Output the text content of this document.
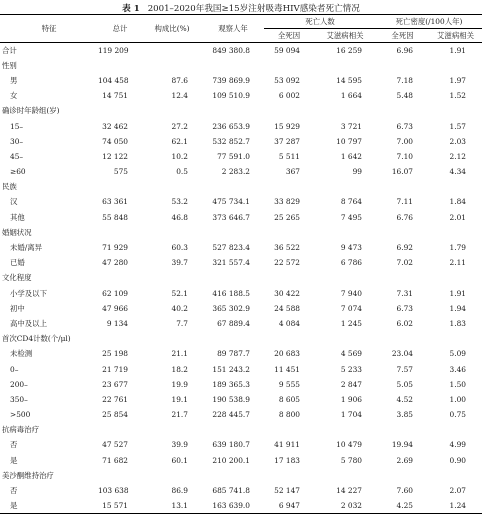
表 1 2001–2020年我国≥15岁注射吸毒HIV感染者死亡情况
特征	总计	构成比(%)	观察人年	死亡人数		死亡密度(/100人年)	
				全死因	艾滋病相关	全死因	艾滋病相关
合计	119 209		849 380.8	59 094	16 259	6.96	1.91
性别							
男	104 458	87.6	739 869.9	53 092	14 595	7.18	1.97
女	14 751	12.4	109 510.9	6 002	1 664	5.48	1.52
确诊时年龄组(岁)							
15–	32 462	27.2	236 653.9	15 929	3 721	6.73	1.57
30–	74 050	62.1	532 852.7	37 287	10 797	7.00	2.03
45–	12 122	10.2	77 591.0	5 511	1 642	7.10	2.12
≥60	575	0.5	2 283.2	367	99	16.07	4.34
民族							
汉	63 361	53.2	475 734.1	33 829	8 764	7.11	1.84
其他	55 848	46.8	373 646.7	25 265	7 495	6.76	2.01
婚姻状况							
未婚/离异	71 929	60.3	527 823.4	36 522	9 473	6.92	1.79
已婚	47 280	39.7	321 557.4	22 572	6 786	7.02	2.11
文化程度							
小学及以下	62 109	52.1	416 188.5	30 422	7 940	7.31	1.91
初中	47 966	40.2	365 302.9	24 588	7 074	6.73	1.94
高中及以上	9 134	7.7	67 889.4	4 084	1 245	6.02	1.83
首次CD4计数(个/μl)							
未检测	25 198	21.1	89 787.7	20 683	4 569	23.04	5.09
0–	21 719	18.2	151 243.2	11 451	5 233	7.57	3.46
200–	23 677	19.9	189 365.3	9 555	2 847	5.05	1.50
350–	22 761	19.1	190 538.9	8 605	1 906	4.52	1.00
>500	25 854	21.7	228 445.7	8 800	1 704	3.85	0.75
抗病毒治疗							
否	47 527	39.9	639 180.7	41 911	10 479	19.94	4.99
是	71 682	60.1	210 200.1	17 183	5 780	2.69	0.90
美沙酮维持治疗							
否	103 638	86.9	685 741.8	52 147	14 227	7.60	2.07
是	15 571	13.1	163 639.0	6 947	2 032	4.25	1.24
